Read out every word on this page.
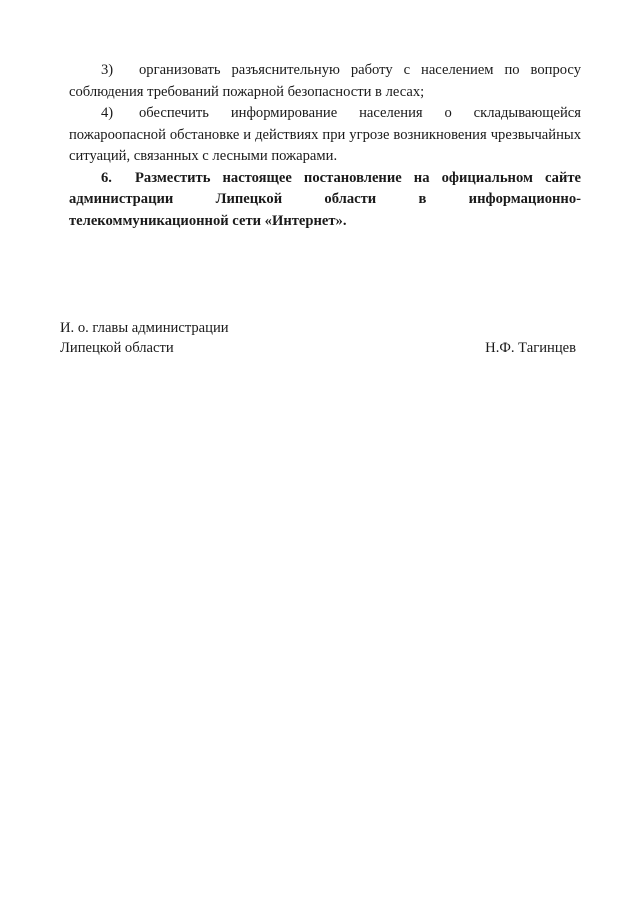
3) организовать разъяснительную работу с населением по вопросу соблюдения требований пожарной безопасности в лесах;

4) обеспечить информирование населения о складывающейся пожароопасной обстановке и действиях при угрозе возникновения чрезвычайных ситуаций, связанных с лесными пожарами.

6. Разместить настоящее постановление на официальном сайте администрации Липецкой области в информационно-телекоммуникационной сети «Интернет».

И. о. главы администрации
Липецкой области	Н.Ф. Тагинцев
